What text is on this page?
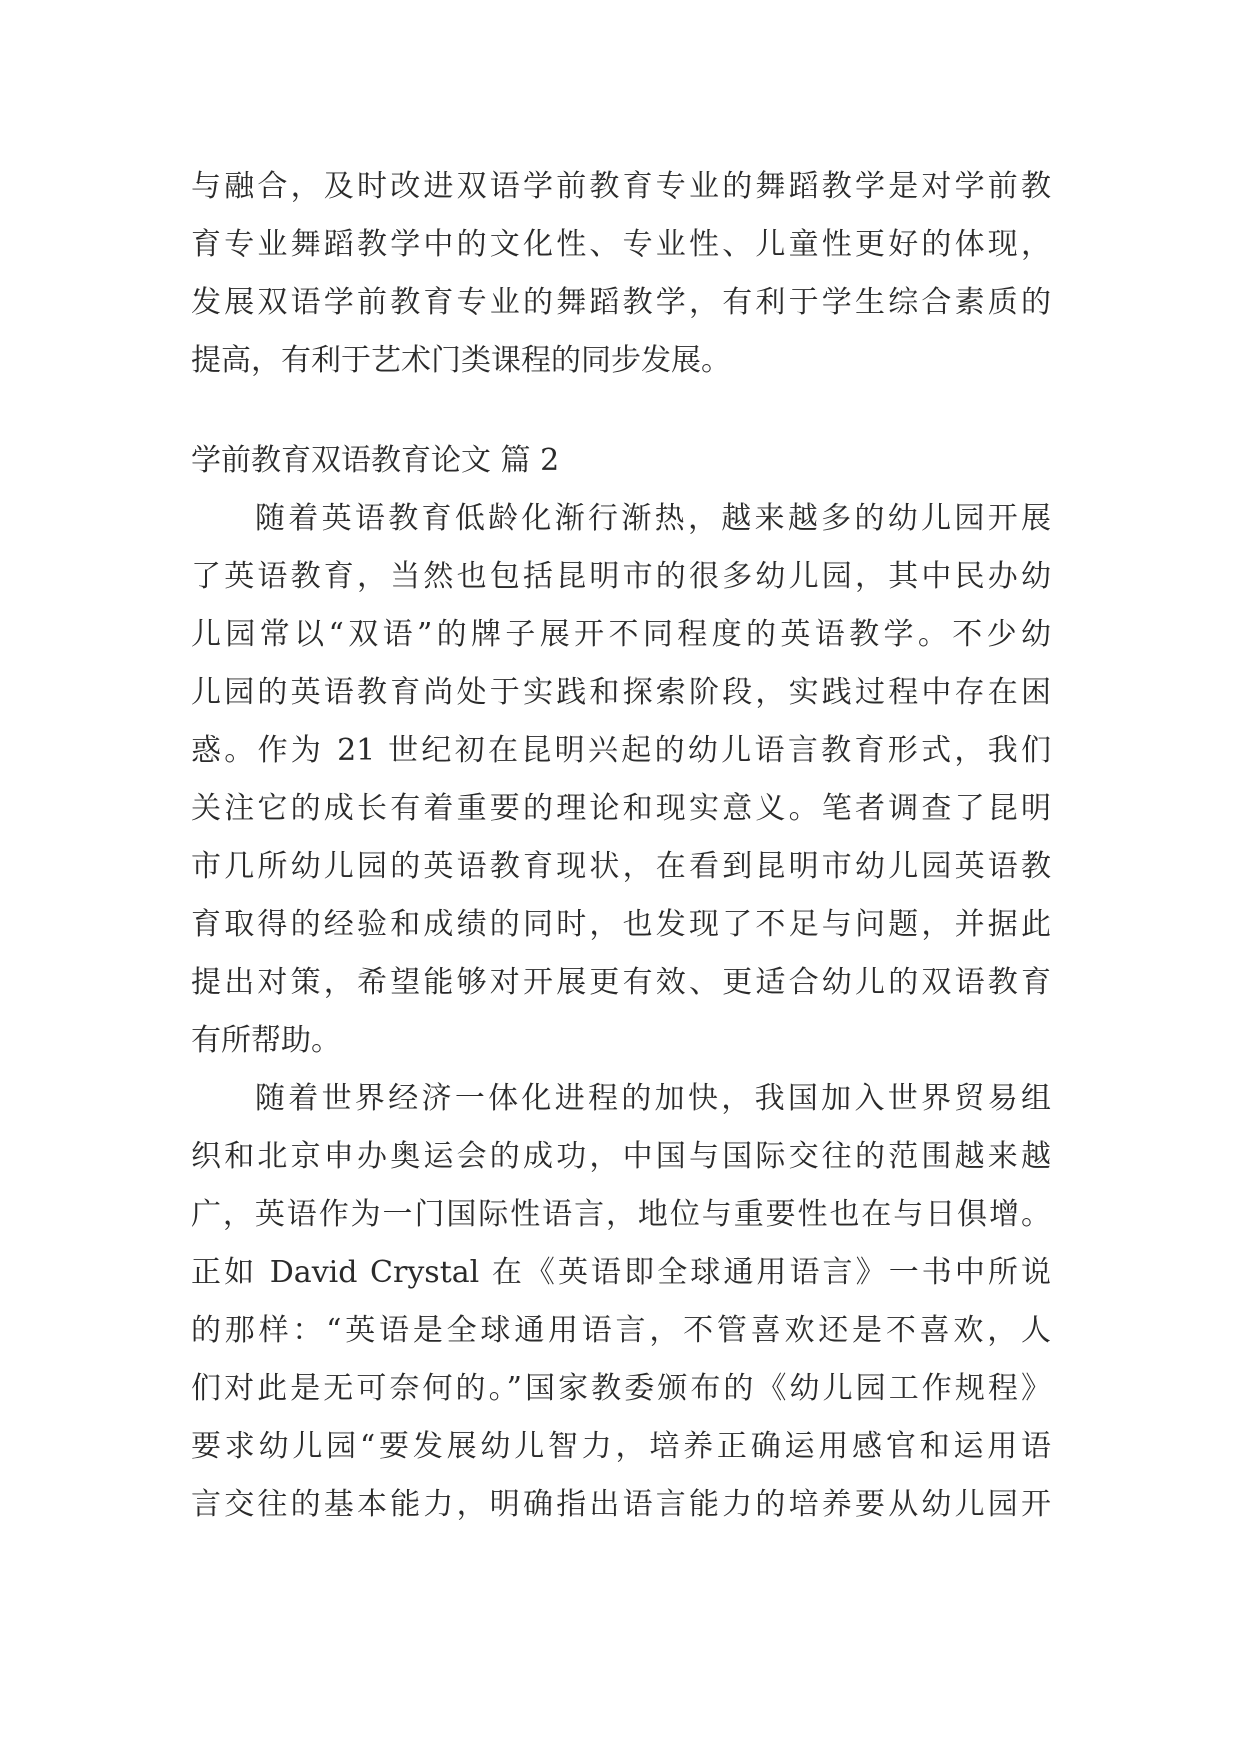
与融合，及时改进双语学前教育专业的舞蹈教学是对学前教
育专业舞蹈教学中的文化性、专业性、儿童性更好的体现，
发展双语学前教育专业的舞蹈教学，有利于学生综合素质的
提高，有利于艺术门类课程的同步发展。
学前教育双语教育论文 篇 2
随着英语教育低龄化渐行渐热，越来越多的幼儿园开展
了英语教育，当然也包括昆明市的很多幼儿园，其中民办幼
儿园常以“双语”的牌子展开不同程度的英语教学。不少幼
儿园的英语教育尚处于实践和探索阶段，实践过程中存在困
惑。作为 21 世纪初在昆明兴起的幼儿语言教育形式，我们
关注它的成长有着重要的理论和现实意义。笔者调查了昆明
市几所幼儿园的英语教育现状，在看到昆明市幼儿园英语教
育取得的经验和成绩的同时，也发现了不足与问题，并据此
提出对策，希望能够对开展更有效、更适合幼儿的双语教育
有所帮助。
随着世界经济一体化进程的加快，我国加入世界贸易组
织和北京申办奥运会的成功，中国与国际交往的范围越来越
广，英语作为一门国际性语言，地位与重要性也在与日俱增。
正如 David Crystal 在《英语即全球通用语言》一书中所说
的那样：“英语是全球通用语言，不管喜欢还是不喜欢，人
们对此是无可奈何的。”国家教委颁布的《幼儿园工作规程》
要求幼儿园“要发展幼儿智力，培养正确运用感官和运用语
言交往的基本能力，明确指出语言能力的培养要从幼儿园开
